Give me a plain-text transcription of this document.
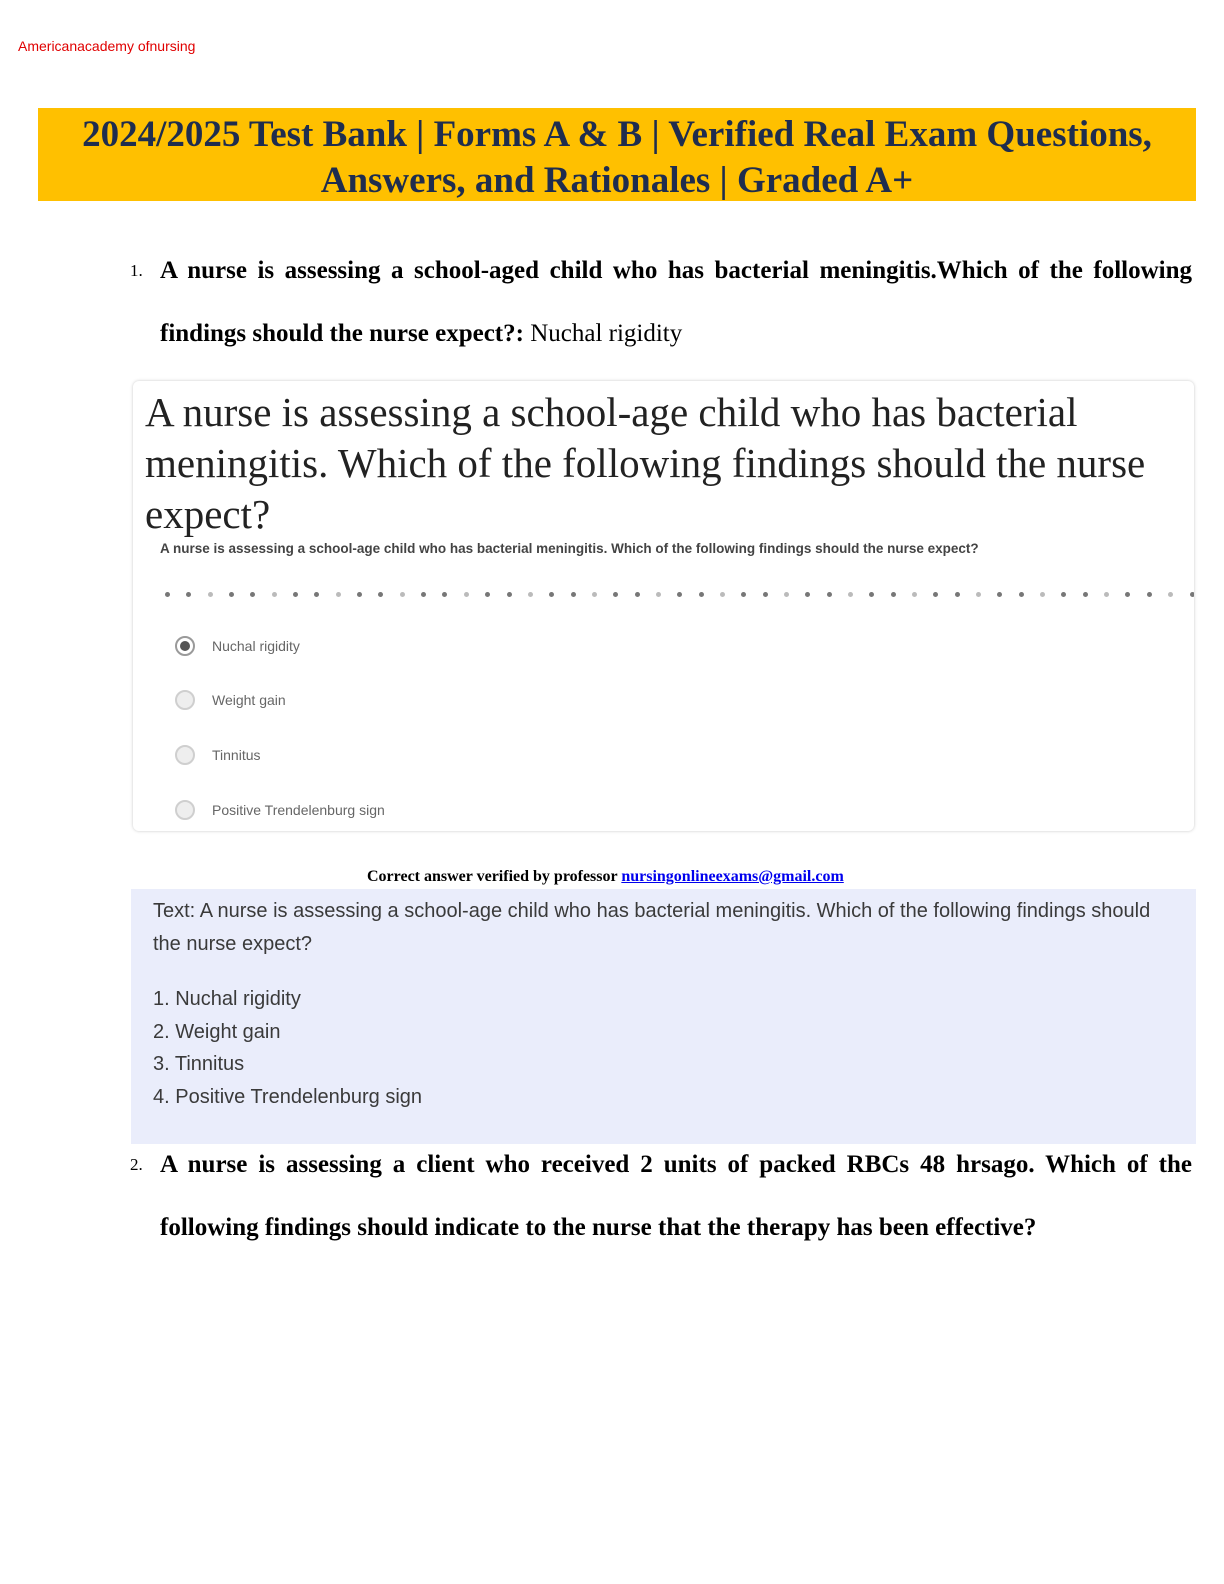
Americanacademy ofnursing
2024/2025 Test Bank | Forms A & B | Verified Real Exam Questions,
Answers, and Rationales | Graded A+
1. A nurse is assessing a school-aged child who has bacterial meningitis.Which of the following findings should the nurse expect?: Nuchal rigidity
A nurse is assessing a school-age child who has bacterial meningitis. Which of the following findings should the nurse expect?
A nurse is assessing a school-age child who has bacterial meningitis. Which of the following findings should the nurse expect?
Nuchal rigidity
Weight gain
Tinnitus
Positive Trendelenburg sign
Correct answer verified by professor nursingonlineexams@gmail.com
Text: A nurse is assessing a school-age child who has bacterial meningitis. Which of the following findings should the nurse expect?
1. Nuchal rigidity
2. Weight gain
3. Tinnitus
4. Positive Trendelenburg sign
2. A nurse is assessing a client who received 2 units of packed RBCs 48 hrsago. Which of the following findings should indicate to the nurse that the therapy has been effective?
